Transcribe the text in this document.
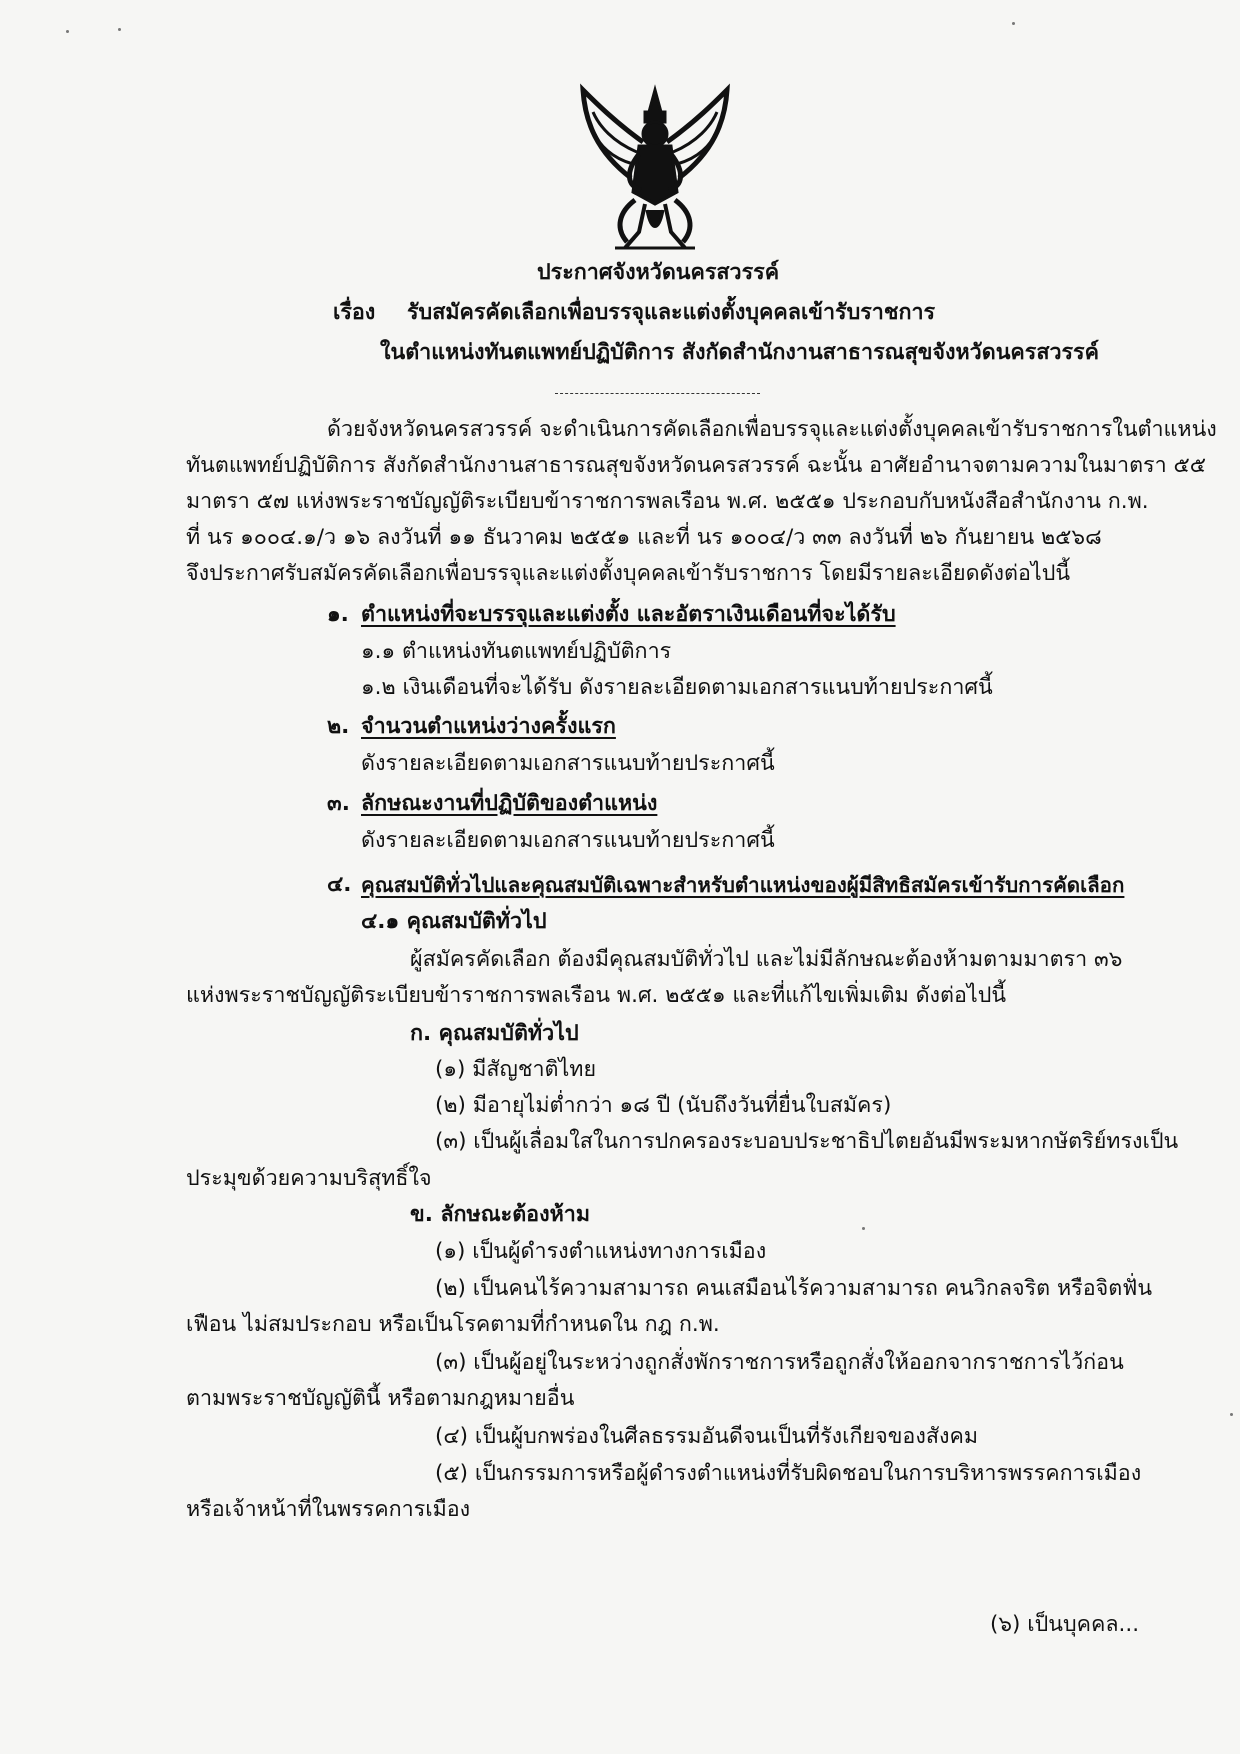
ประกาศจังหวัดนครสวรรค์
เรื่อง รับสมัครคัดเลือกเพื่อบรรจุและแต่งตั้งบุคคลเข้ารับราชการ
ในตำแหน่งทันตแพทย์ปฏิบัติการ สังกัดสำนักงานสาธารณสุขจังหวัดนครสวรรค์
ด้วยจังหวัดนครสวรรค์ จะดำเนินการคัดเลือกเพื่อบรรจุและแต่งตั้งบุคคลเข้ารับราชการในตำแหน่ง
ทันตแพทย์ปฏิบัติการ สังกัดสำนักงานสาธารณสุขจังหวัดนครสวรรค์ ฉะนั้น อาศัยอำนาจตามความในมาตรา ๕๕
มาตรา ๕๗ แห่งพระราชบัญญัติระเบียบข้าราชการพลเรือน พ.ศ. ๒๕๕๑ ประกอบกับหนังสือสำนักงาน ก.พ.
ที่ นร ๑๐๐๔.๑/ว ๑๖ ลงวันที่ ๑๑ ธันวาคม ๒๕๕๑ และที่ นร ๑๐๐๔/ว ๓๓ ลงวันที่ ๒๖ กันยายน ๒๕๖๘
จึงประกาศรับสมัครคัดเลือกเพื่อบรรจุและแต่งตั้งบุคคลเข้ารับราชการ โดยมีรายละเอียดดังต่อไปนี้
๑. ตำแหน่งที่จะบรรจุและแต่งตั้ง และอัตราเงินเดือนที่จะได้รับ
๑.๑ ตำแหน่งทันตแพทย์ปฏิบัติการ
๑.๒ เงินเดือนที่จะได้รับ ดังรายละเอียดตามเอกสารแนบท้ายประกาศนี้
๒. จำนวนตำแหน่งว่างครั้งแรก
ดังรายละเอียดตามเอกสารแนบท้ายประกาศนี้
๓. ลักษณะงานที่ปฏิบัติของตำแหน่ง
ดังรายละเอียดตามเอกสารแนบท้ายประกาศนี้
๔. คุณสมบัติทั่วไปและคุณสมบัติเฉพาะสำหรับตำแหน่งของผู้มีสิทธิสมัครเข้ารับการคัดเลือก
๔.๑ คุณสมบัติทั่วไป
ผู้สมัครคัดเลือก ต้องมีคุณสมบัติทั่วไป และไม่มีลักษณะต้องห้ามตามมาตรา ๓๖
แห่งพระราชบัญญัติระเบียบข้าราชการพลเรือน พ.ศ. ๒๕๕๑ และที่แก้ไขเพิ่มเติม ดังต่อไปนี้
ก. คุณสมบัติทั่วไป
(๑) มีสัญชาติไทย
(๒) มีอายุไม่ต่ำกว่า ๑๘ ปี (นับถึงวันที่ยื่นใบสมัคร)
(๓) เป็นผู้เลื่อมใสในการปกครองระบอบประชาธิปไตยอันมีพระมหากษัตริย์ทรงเป็น
ประมุขด้วยความบริสุทธิ์ใจ
ข. ลักษณะต้องห้าม
(๑) เป็นผู้ดำรงตำแหน่งทางการเมือง
(๒) เป็นคนไร้ความสามารถ คนเสมือนไร้ความสามารถ คนวิกลจริต หรือจิตฟั่น
เฟือน ไม่สมประกอบ หรือเป็นโรคตามที่กำหนดใน กฎ ก.พ.
(๓) เป็นผู้อยู่ในระหว่างถูกสั่งพักราชการหรือถูกสั่งให้ออกจากราชการไว้ก่อน
ตามพระราชบัญญัตินี้ หรือตามกฎหมายอื่น
(๔) เป็นผู้บกพร่องในศีลธรรมอันดีจนเป็นที่รังเกียจของสังคม
(๕) เป็นกรรมการหรือผู้ดำรงตำแหน่งที่รับผิดชอบในการบริหารพรรคการเมือง
หรือเจ้าหน้าที่ในพรรคการเมือง
(๖) เป็นบุคคล...
